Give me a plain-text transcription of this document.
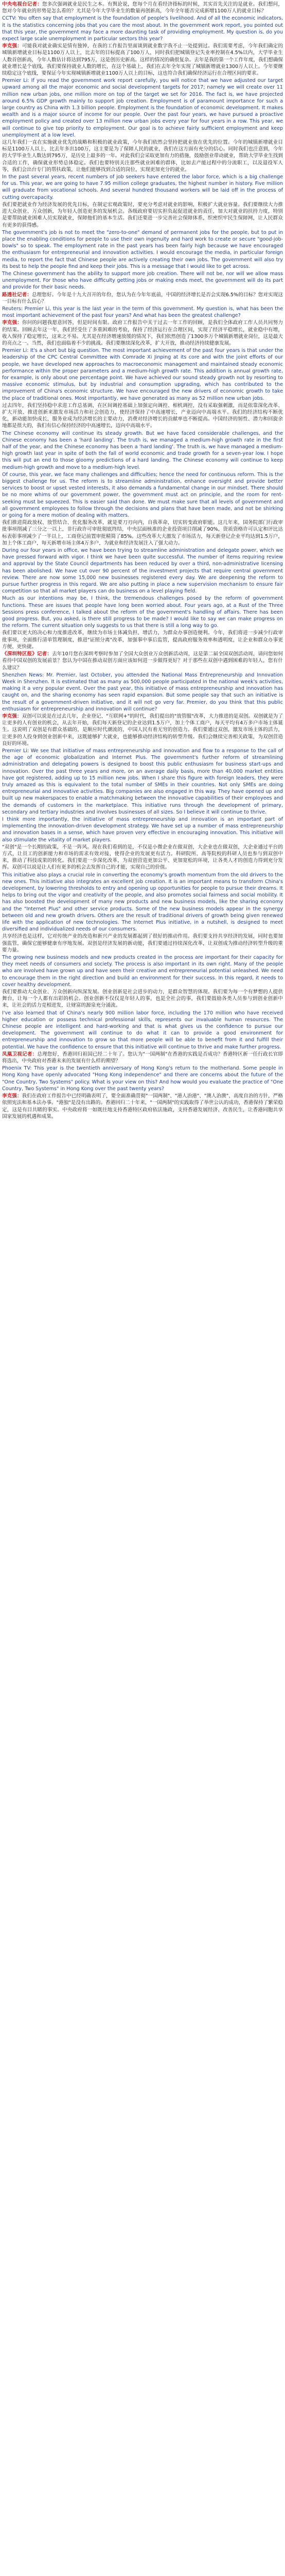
中央电视台记者：您多次强调就业是民生之本。有舆论说，您每个月在看经济指标的时候，其实首先关注的是就业。我们想问，您对今年就业的形势是怎么看的？尤其是今年大学毕业生的数量再创新高，今年全年能否完成新增1100万人的就业目标？

CCTV: You often say that employment is the foundation of people's livelihood. And of all the economic indicators, it is the statistics concerning jobs that you care the most about. In the government work report, you pointed out that this year, the government may face a more daunting task of providing employment. My question is, do you expect large scale unemployment in particular sectors this year?

李克强：可能我对就业确实是情有独钟，在我的工作报告里面谈到就业数字我不止一处提到过。我们需要考虑，今年我们确定的城镇新增就业目标是1100万人以上，比去年的目标提高了100万人，同时我们把城镇登记失业率控制在4.5%以内，大学毕业生人数首创新高，今年人数估计将达到795万，这是创历史新高。这样的情况的确很复杂。去年是我的第一个工作年度，我们想确保就业增长是个底线，我们要保持就业人数的增长，在这个基础上，我们在去年全年实现了城镇新增就业1300万人以上。今年要继续稳定这个底线，要保证今年实现城镇新增就业1100万人以上的目标，这也符合我们确保经济运行在合理区间的要求。

Premier Li: If you read the government work report carefully, you will notice that we have adjusted our target upward among all the major economic and social development targets for 2017; namely we will create over 11 million new urban jobs, one million more on top of the target we set for 2016. The fact is, we have projected around 6.5% GDP growth mainly to support job creation. Employment is of paramount importance for such a large country as China with 1.3 billion people. Employment is the foundation of economic development. It makes wealth and is a major source of income for our people. Over the past four years, we have pursued a proactive employment policy and created over 13 million new urban jobs every year for four years in a row. This year, we will continue to give top priority to employment. Our goal is to achieve fairly sufficient employment and keep unemployment at a low level.

这几年我们一直在实施就业优先的战略和积极的就业政策，今年我们依然会坚持把就业放在优先的位置。今年的城镇新增就业目标是1100万人以上，比去年多出100万，这主要是为了保障人民的就业，我们在这方面有充分的信心。同时我们也注意到，今年的大学毕业生人数达到795万，是历史上最多的一年。对此我们会采取更加有力的措施，鼓励创业带动就业，帮助大学毕业生找到合适的工作，确保就业形势总体稳定。我们也要特别关注那些就业困难的群体，比如去产能过程中的分流职工，以及退役军人等，我们会出台专门的帮扶政策，让他们能够找到合适的岗位，实现更加充分的就业。

In the past several years, recent numbers of job seekers have entered the labor force, which is a big challenge for us. This year, we are going to have 7.95 million college graduates, the highest number in history. Five million will graduate from vocational schools. And several hundred thousand workers will be laid off in the process of cutting overcapacity.

我们要把就业作为经济发展的优先目标，在制定宏观政策时，要充分考虑对就业的影响，积极扩大就业容量。我们要继续大力推进大众创业、万众创新，为年轻人创造更多的发展机会。各级政府要切实担负起促进就业的责任，加大对就业的扶持力度，特别是要帮助就业困难人员实现就业，保障他们的基本生活。我们还要进一步完善社会保障体系，织密织牢民生保障网，让人民群众有更多的获得感。

The government's job is not to meet the "zero-to-one" demand of permanent jobs for the people, but to put in place the enabling conditions for people to use their own ingenuity and hard work to create or secure "good-job-bowls" so to speak. The employment rate in the past years has been fairly high because we have encouraged the enthusiasm for entrepreneurial and innovation activities. I would encourage the media, in particular foreign media, to report the fact that Chinese people are actively creating their own jobs. The government will also try its best to help the people find and keep their jobs. This is a message that I would like to get across.

The Chinese government has the ability to support more job creation. There will not be, nor will we allow mass unemployment. For those who have difficulty getting jobs or making ends meet, the government will do its part and provide for their basic needs.

路透社记者：总理您好。今年是十九大召开的年份，您认为在今年年底前，中国的经济增长是否会实现6.5%的目标？您对实现这一目标有什么信心？

Reuters: Premier Li, this year is the last year in the term of this government. My question is, what has been the most important achievement of the past four years? And what has been the greatest challenge?

李克强：你问的问题我愿意回答，但是时间有限。政府工作报告中关于过去一年工作的回顾，是我们全体政府工作人员共同努力的结果。回顾去年这一年，我们经受住了多重困难的考验，保持了经济运行在合理区间，实现了经济平稳增长，就业稳中有增，收入保持了稳定增长，这来之不易。尤其是在经济增速放缓的情况下，我们依然创造了1300多万个城镇新增就业岗位，这是最大的亮点之一。当然，我们也面临着不少的挑战。我们要继续深化改革，扩大开放，推动经济持续健康发展。

Premier Li: It's a short but big question. The most important achievement of the past four years is that under the leadership of the CPC Central Committee with Comrade Xi Jinping at its core and with the joint efforts of our people, we have developed new approaches to macroeconomic management and maintained steady economic performance within the proper parameters and a medium-high growth rate. This addition is annual growth rate, for example, is only about one percentage point. We have achieved our sound steady growth not by resorting to massive economic stimulus, but by industrial and consumption upgrading, which has contributed to the improvement of China's economic structure. We have encouraged the new drivers of economic growth to take the place of traditional ones. Most importantly, we have generated as many as 52 million new urban jobs.

过去四年，我们坚持稳中求进工作总基调，在区间调控基础上加强定向调控、相机调控，没有采取强刺激，而是依靠深化改革、扩大开放、推进创新来激发市场活力和社会创造力，使经济保持了中高速增长，产业迈向中高端水平。我们的经济结构不断优化，新动能加快成长，服务业成为经济增长的主要动力，消费对经济增长的贡献率也不断提高。中国经济的韧性、潜力和回旋余地都是很大的，我们有信心保持经济的中高速增长，迈向中高端水平。

The Chinese economy will continue its steady growth. But we have faced considerable challenges, and the Chinese economy has been a 'hard landing'. The truth is, we managed a medium-high growth rate in the first half of the year, and the Chinese economy has been a 'hard landing'. The truth is, we have managed a medium-high growth last year in spite of both the fall of world economic and trade growth for a seven-year low. I hope this will put an end to those gloomy predictions of a hard landing. The Chinese economy will continue to keep medium-high growth and move to a medium-high level.

Of course, this year, we face many challenges and difficulties; hence the need for continuous reform. This is the biggest challenge for us. The reform is to streamline administration, enhance oversight and provide better services to boost or upset vested interests, it also demands a fundamental change in our mindset. There should be no more whims of our government power, the government must act on principle, and the room for rent-seeking must be squeezed. This is easier said than done. We must make sure that all levels of government and all government employees to follow through the decisions and plans that have been made, and not be shirking or going for a mere motion of dealing with matters.

我们推进简政放权、放管结合、优化服务改革，就是要刀刃向内，自我革命，切实转变政府职能。这几年来，国务院部门行政审批事项削减了三分之一以上，非行政许可审批彻底终结，中央层面核准的企业投资项目削减了90%，资质资格许可认定和评比达标表彰事项减少了一半以上，工商登记前置审批精简了85%。这些改革大大激发了市场活力，每天新登记企业平均达到1.5万户，加上个体工商户，每天新增市场主体4万多户，为就业和经济发展注入了强大动力。

During our four years in office, we have been trying to streamline administration and delegate power, which we have pressed forward with vigor. I think we have been quite successful. The number of items requiring review and approval by the State Council departments has been reduced by over a third, non-administrative licensing has been abolished. We have cut over 90 percent of the investment projects that require central government review. There are now some 15,000 new businesses registered every day. We are deepening the reform to pursue further progress in this regard. We are also putting in place a new supervision mechanism to ensure fair competition so that all market players can do business on a level playing field.

Much as our intentions may be, I think, the tremendous challenges posed by the reform of government functions. These are issues that people have long been worried about. Four years ago, at a Rust of the Three Sessions press conference, I talked about the reform of the government's handling of affairs. There has been good progress. But, you asked, is there still progress to be made? I would like to say we can make progress on the reform. The current situation only suggests to us that there is still a long way to go.

我们要以更大的决心和力度推进改革，继续为市场主体减负担、增活力，为群众办事创造便利。今年，我们将进一步减少行政审批事项，全面推行清单管理制度，推进"证照分离"改革，加强事中事后监管，提高政府服务效率和透明度，让企业和群众办事更方便、更快捷。

《深圳特区报》记者：去年10月您在深圳考察时参加了全国大众创业万众创新活动周，这是第二届全国双创活动周，请问您如何看待中国双创的发展前景？您认为中国在推动双创方面应该如何进一步做得更好？对于那些在双创中遇到困难的年轻人，您有什么建议？

Shenzhen News: Mr. Premier, last October, you attended the National Mass Entrepreneurship and Innovation Week in Shenzhen. It is estimated that as many as 500,000 people participated in the national week's activities, making it a very popular event. Over the past year, this initiative of mass entrepreneurship and innovation has caught on, and the sharing economy has seen rapid expansion. But some people say that such an initiative is the result of a government-driven initiative, and it will not go very far. Premier, do you think that this public enthusiasm for entrepreneurship and innovation will continue?

李克强：双创可以说是在过去几年，企业登记、"互联网+"的时代，我们提出的"放管服"改革，大力推进的是双创。双创就是为了让更多的人有创业的机会，从去年开始，我们每天新登记的企业达到1.5万户，加上个体工商户，每天平均有4万多户市场主体诞生。这说明了双创是有群众基础的，是顺应时代潮流的，中国人民有着无穷的创造力。我们要通过双创，激发市场主体的活力，让更多的人投身到创业创新中来，这既能够扩大就业，也能够推动经济结构的转型升级。我们会继续完善相关政策，为双创营造良好的环境。

Premier Li: We see that initiative of mass entrepreneurship and innovation and flow to a response to the call of the age of economic globalization and Internet Plus. The government's further reform of streamlining administration and delegating powers is designed to boost this public enthusiasm for business start-ups and innovation. Over the past three years and more, on an average daily basis, more than 40,000 market entities have got registered, adding up to 15 million new jobs. When I share this figure with foreign leaders, they were truly amazed as this is equivalent to the total number of SMEs in their countries. Not only SMEs are doing entrepreneurial and innovative activities. Big companies are also engaged in this way. They have opened up and built up new makerspaces to enable a matchmaking between the innovative capabilities of their employees and the demands of customers in the marketplace. This initiative runs through the development of primary, secondary and tertiary industries and involves businesses of all sizes. So I believe it will continue to thrive.

I think more importantly, the initiative of mass entrepreneurship and innovation is an important part of implementing the innovation-driven development strategy. We have set up a number of mass entrepreneurship and innovation bases in a sense, which have proven very effective in encouraging innovation. This initiative will also stimulate the vitality of market players.

"双创"是一个长期的政策，不是一阵风。现在我们看到的是，不仅是小微企业在做双创，大企业也在做双创，大企业通过平台的方式，让员工的创新能力和市场的需求有效对接，使得企业的发展更有活力。科研院所、高等院校的科研人员也参与到双创中来，推动了科技成果的转化。我们要进一步深化改革，为双创营造更加公平、更加宽松的环境，让各类人才的创造力得到充分发挥。双创可以说是让人们有更多的机会去发挥自己的才能，实现自己的价值。

This initiative also plays a crucial role in converting the economy's growth momentum from the old drivers to the new ones. This initiative also integrates an excellent job creation. It is an important means to transform China's development, by lowering thresholds to entry and opening up opportunities for people to pursue their dreams. It helps to bring out the vigor and creativity of the people, and also promotes social fairness and social mobility. It has also boosted the development of many new products and new business models, like the sharing economy and the "Internet Plus" and other service products. Some of the new business models appear in the synergy between old and new growth drivers. Others are the result of traditional drivers of growth being given renewed life with the application of new technologies. The Internet Plus initiative, in a nutshell, is designed to meet diversified and individualized needs of our consumers.

共享经济也是这样，它对传统产业的改造和新兴产业的发展都起到了很好的推动作用。我们要支持共享经济的发展，同时也要加强监管，确保它能够健康有序地发展。双创是经济发展的新动能，我们要通过持续深化改革，让双创成为推动经济转型升级的重要力量。

The growing new business models and new products created in the process are important for their capacity for they meet needs of consumers and society. The process is also important in its own right. Many of the people who are involved have grown up and have seen their creative and entrepreneurial potential unleashed. We need to encourage them in the right direction and build an environment for their success. In this regard, it needs to cover healthy development.

我们要推动大众创业、万众创新向纵深发展。创业创新是社会进步的动力，是群众智慧的体现。我们要为每一个有梦想的人提供舞台，让每一个人都有出彩的机会。创业创新不仅仅是年轻人的事，也是全社会的事，我们要鼓励各类人员参与到创业创新中来，让社会的活力竞相迸发，让财富的源泉充分涌流。

I've also learned that of China's nearly 900 million labor force, including the 170 million who have received higher education or possess technical professional skills, represents our invaluable human resources. The Chinese people are intelligent and hard-working and that is what gives us the confidence to pursue our development. The government will continue to do what it can to provide a good environment for entrepreneurship and innovation to grow so that more people will be able to benefit from it and fulfill their potential. We have the confidence to ensure that this initiative will continue to thrive and make further progress.

凤凰卫视记者：总理您好，香港回归祖国已经二十年了。您认为"一国两制"在香港的实践是否成功？香港特区新一任行政长官即将选出，中央政府对香港未来的发展有什么样的期望？

Phoenix TV: This year is the twentieth anniversary of Hong Kong's return to the motherland. Some people in Hong Kong have openly advocated "Hong Kong independence" and there are concerns about the future of the "One Country, Two Systems" policy. What is your view on this? And how would you evaluate the practice of "One Country, Two Systems" in Hong Kong over the past twenty years?

李克强：我们在政府工作报告中已经明确表明了，要全面准确贯彻"一国两制"、"港人治港"、"澳人治澳"、高度自治的方针，严格依照宪法和基本法办事。"港独"是没有出路的。香港回归二十年来，"一国两制"的实践取得了举世公认的成功，香港保持了繁荣稳定，这是有目共睹的事实。中央政府将一如既往地支持香港特区政府依法施政，支持香港发展经济、改善民生，让香港同胞共享国家发展的机遇和成果。
